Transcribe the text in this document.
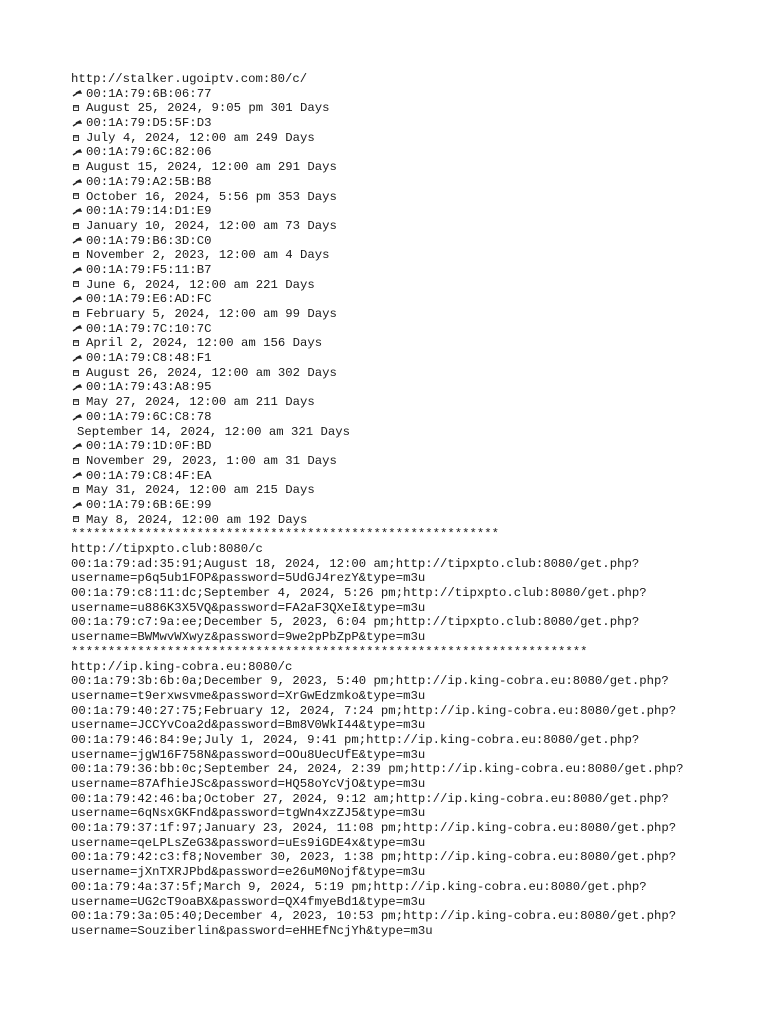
http://stalker.ugoiptv.com:80/c/
00:1A:79:6B:06:77
August 25, 2024, 9:05 pm 301 Days
00:1A:79:D5:5F:D3
July 4, 2024, 12:00 am 249 Days
00:1A:79:6C:82:06
August 15, 2024, 12:00 am 291 Days
00:1A:79:A2:5B:B8
October 16, 2024, 5:56 pm 353 Days
00:1A:79:14:D1:E9
January 10, 2024, 12:00 am 73 Days
00:1A:79:B6:3D:C0
November 2, 2023, 12:00 am 4 Days
00:1A:79:F5:11:B7
June 6, 2024, 12:00 am 221 Days
00:1A:79:E6:AD:FC
February 5, 2024, 12:00 am 99 Days
00:1A:79:7C:10:7C
April 2, 2024, 12:00 am 156 Days
00:1A:79:C8:48:F1
August 26, 2024, 12:00 am 302 Days
00:1A:79:43:A8:95
May 27, 2024, 12:00 am 211 Days
00:1A:79:6C:C8:78
September 14, 2024, 12:00 am 321 Days
00:1A:79:1D:0F:BD
November 29, 2023, 1:00 am 31 Days
00:1A:79:C8:4F:EA
May 31, 2024, 12:00 am 215 Days
00:1A:79:6B:6E:99
May 8, 2024, 12:00 am 192 Days
**********************************************************
http://tipxpto.club:8080/c
00:1a:79:ad:35:91;August 18, 2024, 12:00 am;http://tipxpto.club:8080/get.php?
username=p6q5ub1FOP&password=5UdGJ4rezY&type=m3u
00:1a:79:c8:11:dc;September 4, 2024, 5:26 pm;http://tipxpto.club:8080/get.php?
username=u886K3X5VQ&password=FA2aF3QXeI&type=m3u
00:1a:79:c7:9a:ee;December 5, 2023, 6:04 pm;http://tipxpto.club:8080/get.php?
username=BWMwvWXwyz&password=9we2pPbZpP&type=m3u
**********************************************************************
http://ip.king-cobra.eu:8080/c
00:1a:79:3b:6b:0a;December 9, 2023, 5:40 pm;http://ip.king-cobra.eu:8080/get.php?
username=t9erxwsvme&password=XrGwEdzmko&type=m3u
00:1a:79:40:27:75;February 12, 2024, 7:24 pm;http://ip.king-cobra.eu:8080/get.php?
username=JCCYvCoa2d&password=Bm8V0WkI44&type=m3u
00:1a:79:46:84:9e;July 1, 2024, 9:41 pm;http://ip.king-cobra.eu:8080/get.php?
username=jgW16F758N&password=OOu8UecUfE&type=m3u
00:1a:79:36:bb:0c;September 24, 2024, 2:39 pm;http://ip.king-cobra.eu:8080/get.php?
username=87AfhieJSc&password=HQ58oYcVjO&type=m3u
00:1a:79:42:46:ba;October 27, 2024, 9:12 am;http://ip.king-cobra.eu:8080/get.php?
username=6qNsxGKFnd&password=tgWn4xzZJ5&type=m3u
00:1a:79:37:1f:97;January 23, 2024, 11:08 pm;http://ip.king-cobra.eu:8080/get.php?
username=qeLPLsZeG3&password=uEs9iGDE4x&type=m3u
00:1a:79:42:c3:f8;November 30, 2023, 1:38 pm;http://ip.king-cobra.eu:8080/get.php?
username=jXnTXRJPbd&password=e26uM0Nojf&type=m3u
00:1a:79:4a:37:5f;March 9, 2024, 5:19 pm;http://ip.king-cobra.eu:8080/get.php?
username=UG2cT9oaBX&password=QX4fmyeBd1&type=m3u
00:1a:79:3a:05:40;December 4, 2023, 10:53 pm;http://ip.king-cobra.eu:8080/get.php?
username=Souziberlin&password=eHHEfNcjYh&type=m3u
